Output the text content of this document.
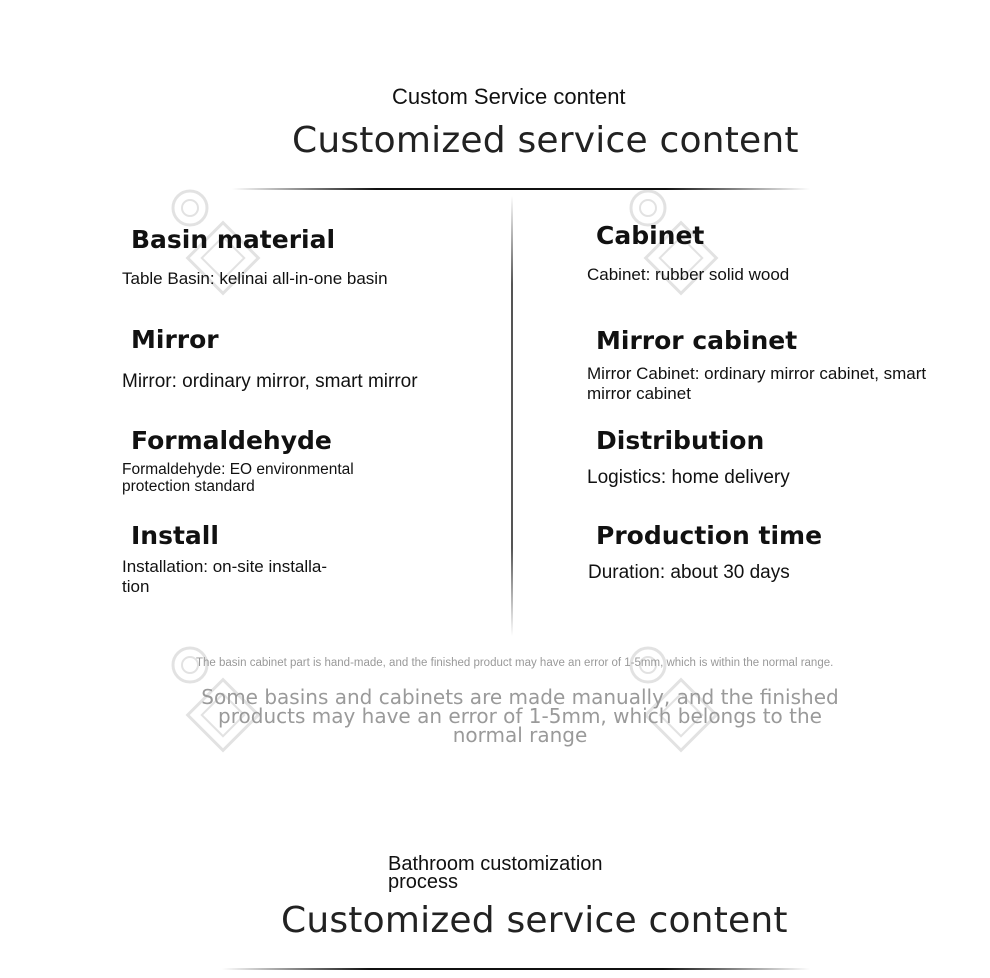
Custom Service content
Customized service content
Basin material
Table Basin: kelinai all-in-one basin
Mirror
Mirror: ordinary mirror, smart mirror
Formaldehyde
Formaldehyde: EO environmental protection standard
Install
Installation: on-site installa-tion
Cabinet
Cabinet: rubber solid wood
Mirror cabinet
Mirror Cabinet: ordinary mirror cabinet, smart mirror cabinet
Distribution
Logistics: home delivery
Production time
Duration: about 30 days
The basin cabinet part is hand-made, and the finished product may have an error of 1-5mm, which is within the normal range.
Some basins and cabinets are made manually, and the finished products may have an error of 1-5mm, which belongs to the normal range
Bathroom customization process
Customized service content
